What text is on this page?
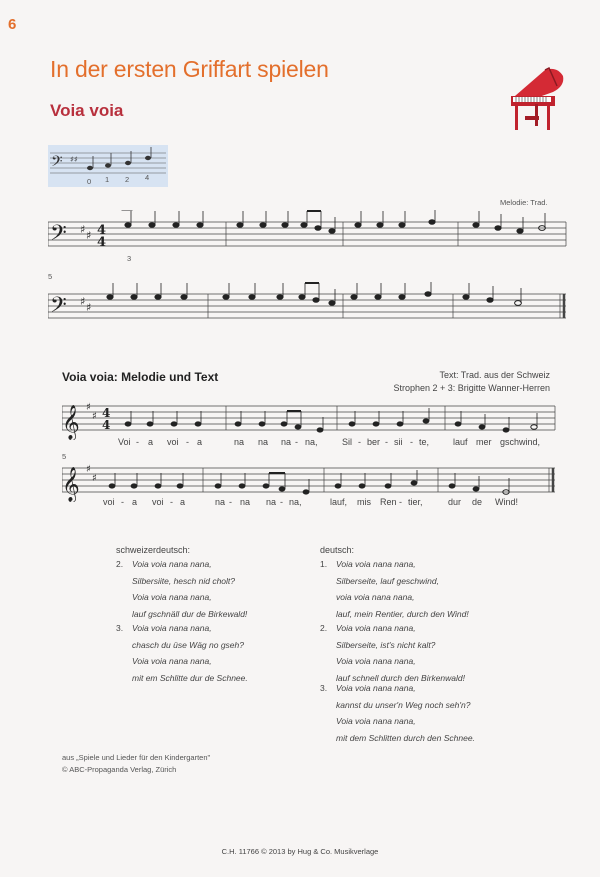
6
In der ersten Griffart spielen
Voia voia
𝄢 ♯♯
0 1 2 4
Melodie: Trad.
𝄢 ♯ ♯ 4
4
3
5
𝄢 ♯ ♯
Voia voia: Melodie und Text	Text: Trad. aus der Schweiz
Strophen 2 + 3: Brigitte Wanner-Herren
𝄞 ♯
♯ 4
4
Voi - a voi - a	na na na - na,	Sil - ber - sii - te,	lauf mer gschwind,
5
𝄞 ♯
♯
voi - a voi - a	na - na na - na,	lauf, mis Ren - tier,	dur de Wind!
schweizerdeutsch:
2.	Voia voia nana nana,
Silbersiite, hesch nid cholt?
Voia voia nana nana,
lauf gschnäll dur de Birkewald!
3.	Voia voia nana nana,
chasch du üse Wäg no gseh?
Voia voia nana nana,
mit em Schlitte dur de Schnee.
deutsch:
1.	Voia voia nana nana,
Silberseite, lauf geschwind,
voia voia nana nana,
lauf, mein Rentier, durch den Wind!
2.	Voia voia nana nana,
Silberseite, ist's nicht kalt?
Voia voia nana nana,
lauf schnell durch den Birkenwald!
3.	Voia voia nana nana,
kannst du unser'n Weg noch seh'n?
Voia voia nana nana,
mit dem Schlitten durch den Schnee.
aus „Spiele und Lieder für den Kindergarten"
© ABC-Propaganda Verlag, Zürich
C.H. 11766 © 2013 by Hug & Co. Musikverlage
